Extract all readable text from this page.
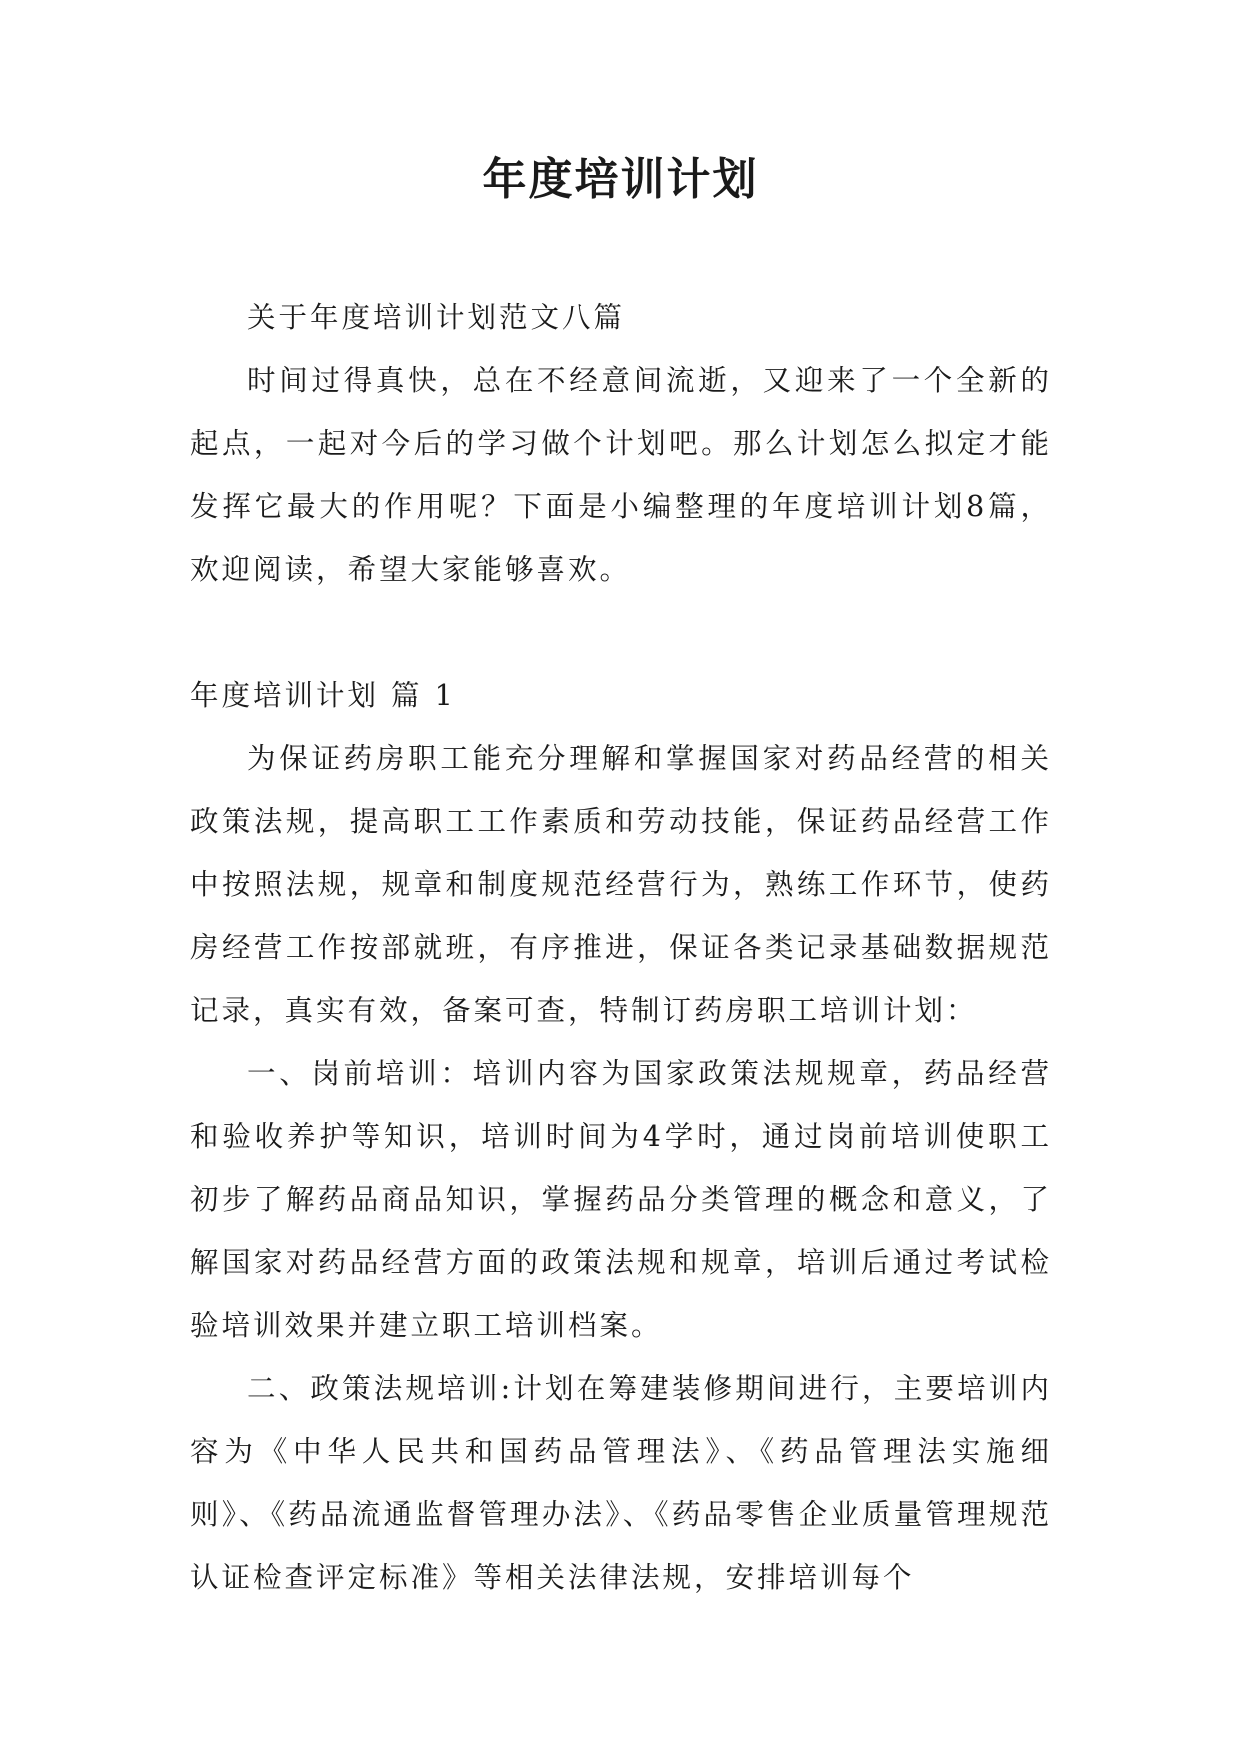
年度培训计划

关于年度培训计划范文八篇

时间过得真快，总在不经意间流逝，又迎来了一个全新的起点，一起对今后的学习做个计划吧。那么计划怎么拟定才能发挥它最大的作用呢？下面是小编整理的年度培训计划8篇，欢迎阅读，希望大家能够喜欢。

年度培训计划 篇 1

为保证药房职工能充分理解和掌握国家对药品经营的相关政策法规，提高职工工作素质和劳动技能，保证药品经营工作中按照法规，规章和制度规范经营行为，熟练工作环节，使药房经营工作按部就班，有序推进，保证各类记录基础数据规范记录，真实有效，备案可查，特制订药房职工培训计划：

一、岗前培训：培训内容为国家政策法规规章，药品经营和验收养护等知识，培训时间为4学时，通过岗前培训使职工初步了解药品商品知识，掌握药品分类管理的概念和意义，了解国家对药品经营方面的政策法规和规章，培训后通过考试检验培训效果并建立职工培训档案。

二、政策法规培训:计划在筹建装修期间进行，主要培训内容为《中华人民共和国药品管理法》、《药品管理法实施细则》、《药品流通监督管理办法》、《药品零售企业质量管理规范认证检查评定标准》等相关法律法规，安排培训每个
